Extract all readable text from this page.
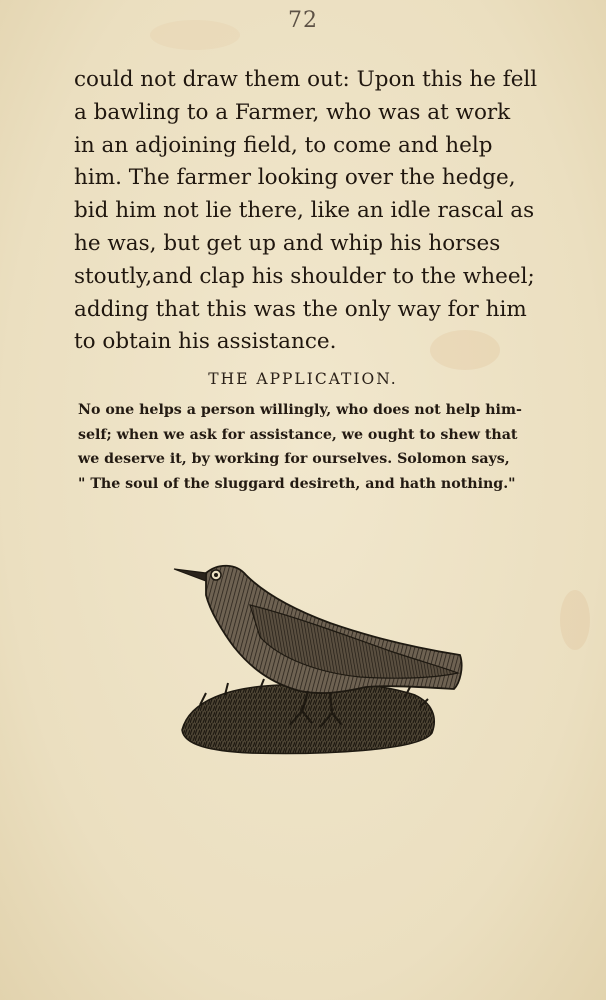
72
could not draw them out: Upon this he fell
a bawling to a Farmer, who was at work
in an adjoining field, to come and help
him. The farmer looking over the hedge,
bid him not lie there, like an idle rascal as
he was, but get up and whip his horses
stoutly,and clap his shoulder to the wheel;
adding that this was the only way for him
to obtain his assistance.
THE APPLICATION.
No one helps a person willingly, who does not help him-
self; when we ask for assistance, we ought to shew that
we deserve it, by working for ourselves. Solomon says,
" The soul of the sluggard desireth, and hath nothing."
